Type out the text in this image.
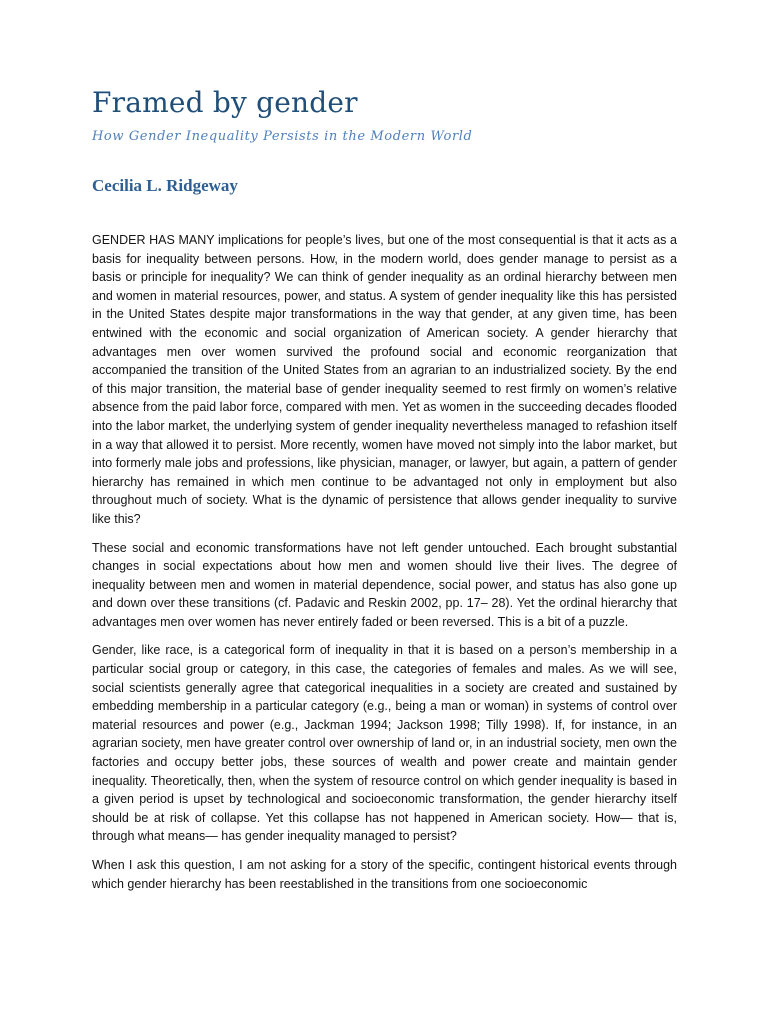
Framed by gender
How Gender Inequality Persists in the Modern World
Cecilia L. Ridgeway

GENDER HAS MANY implications for people’s lives, but one of the most consequential is that it acts as a basis for inequality between persons. How, in the modern world, does gender manage to persist as a basis or principle for inequality? We can think of gender inequality as an ordinal hierarchy between men and women in material resources, power, and status. A system of gender inequality like this has persisted in the United States despite major transformations in the way that gender, at any given time, has been entwined with the economic and social organization of American society. A gender hierarchy that advantages men over women survived the profound social and economic reorganization that accompanied the transition of the United States from an agrarian to an industrialized society. By the end of this major transition, the material base of gender inequality seemed to rest firmly on women’s relative absence from the paid labor force, compared with men. Yet as women in the succeeding decades flooded into the labor market, the underlying system of gender inequality nevertheless managed to refashion itself in a way that allowed it to persist. More recently, women have moved not simply into the labor market, but into formerly male jobs and professions, like physician, manager, or lawyer, but again, a pattern of gender hierarchy has remained in which men continue to be advantaged not only in employment but also throughout much of society. What is the dynamic of persistence that allows gender inequality to survive like this?

These social and economic transformations have not left gender untouched. Each brought substantial changes in social expectations about how men and women should live their lives. The degree of inequality between men and women in material dependence, social power, and status has also gone up and down over these transitions (cf. Padavic and Reskin 2002, pp. 17– 28). Yet the ordinal hierarchy that advantages men over women has never entirely faded or been reversed. This is a bit of a puzzle.

Gender, like race, is a categorical form of inequality in that it is based on a person’s membership in a particular social group or category, in this case, the categories of females and males. As we will see, social scientists generally agree that categorical inequalities in a society are created and sustained by embedding membership in a particular category (e.g., being a man or woman) in systems of control over material resources and power (e.g., Jackman 1994; Jackson 1998; Tilly 1998). If, for instance, in an agrarian society, men have greater control over ownership of land or, in an industrial society, men own the factories and occupy better jobs, these sources of wealth and power create and maintain gender inequality. Theoretically, then, when the system of resource control on which gender inequality is based in a given period is upset by technological and socioeconomic transformation, the gender hierarchy itself should be at risk of collapse. Yet this collapse has not happened in American society. How— that is, through what means— has gender inequality managed to persist?

When I ask this question, I am not asking for a story of the specific, contingent historical events through which gender hierarchy has been reestablished in the transitions from one socioeconomic
